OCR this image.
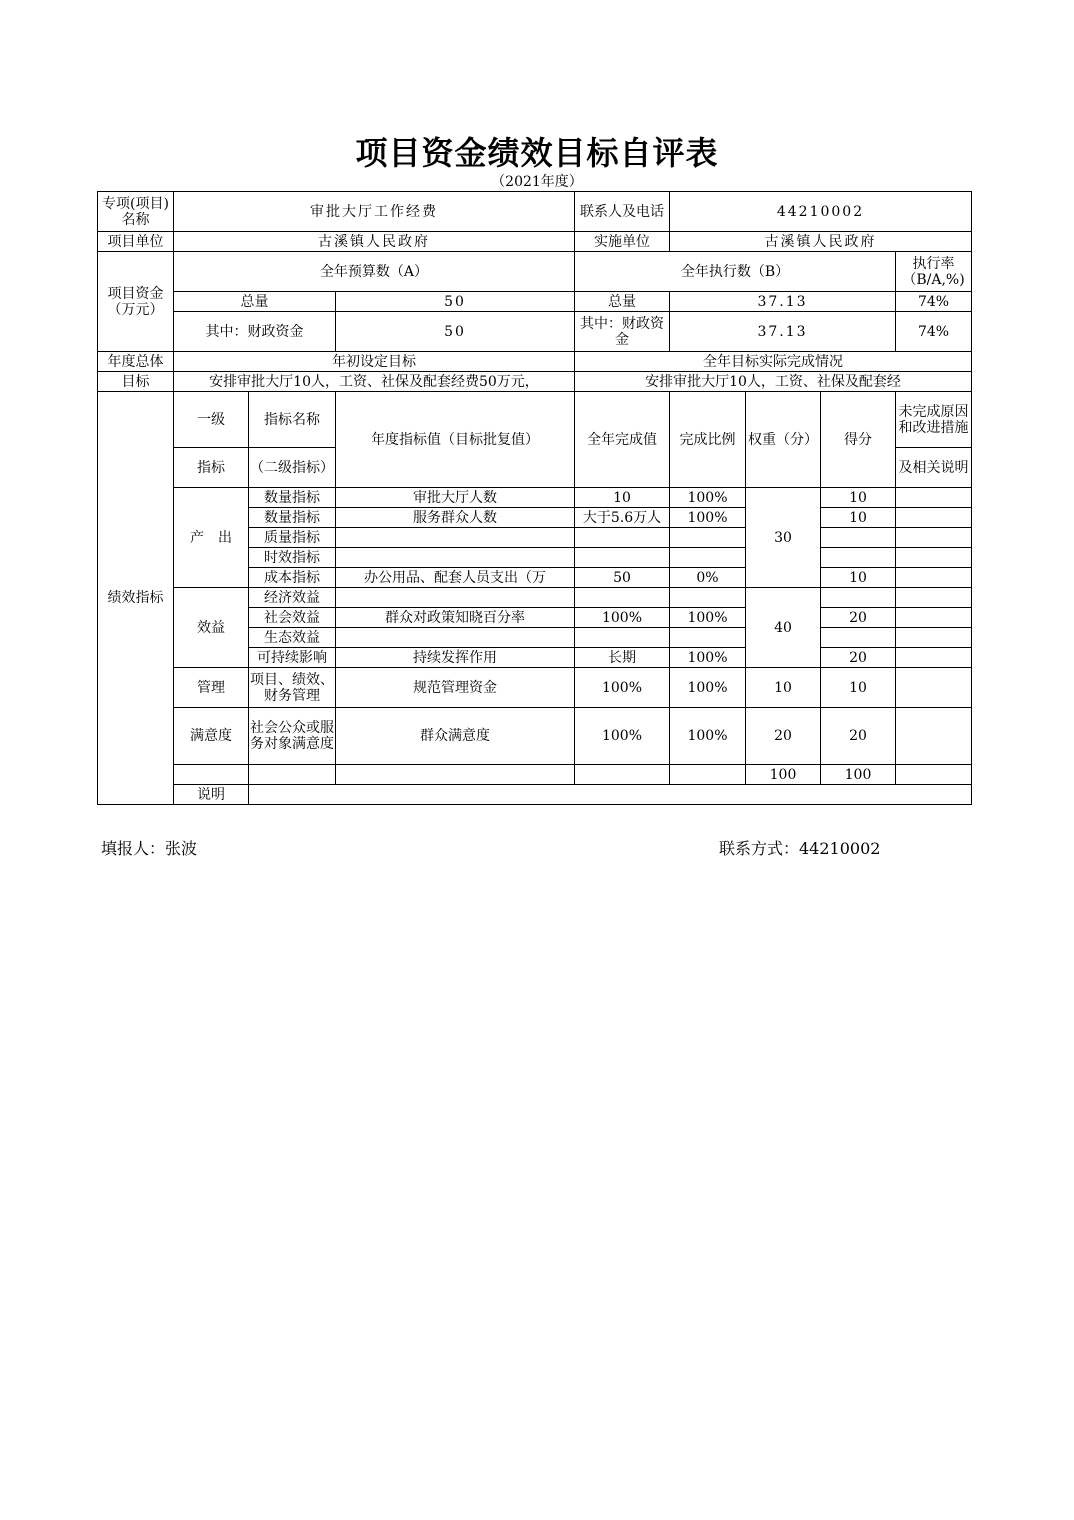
项目资金绩效目标自评表
（2021年度）
专项(项目)名称	审批大厅工作经费			联系人及电话	44210002			
项目单位	古溪镇人民政府			实施单位	古溪镇人民政府			
项目资金（万元）	全年预算数（A）			全年执行数（B）				执行率（B/A,%)
	总量		50	总量	37.13			74%
	其中：财政资金		50	其中：财政资金	37.13			74%
年度总体	年初设定目标			全年目标实际完成情况				
目标	安排审批大厅10人，工资、社保及配套经费50万元，			安排审批大厅10人，工资、社保及配套经				
绩效指标	一级	指标名称	年度指标值（目标批复值）	全年完成值	完成比例	权重（分）	得分	未完成原因和改进措施
	指标	（二级指标）						及相关说明
	产　出	数量指标	审批大厅人数	10	100%	30	10	
		数量指标	服务群众人数	大于5.6万人	100%		10	
		质量指标						
		时效指标						
		成本指标	办公用品、配套人员支出（万	50	0%		10	
	效益	经济效益				40		
		社会效益	群众对政策知晓百分率	100%	100%		20	
		生态效益						
		可持续影响	持续发挥作用	长期	100%		20	
	管理	项目、绩效、财务管理	规范管理资金	100%	100%	10	10	
	满意度	社会公众或服务对象满意度	群众满意度	100%	100%	20	20	
						100	100	
	说明							
填报人：张波	联系方式：44210002
